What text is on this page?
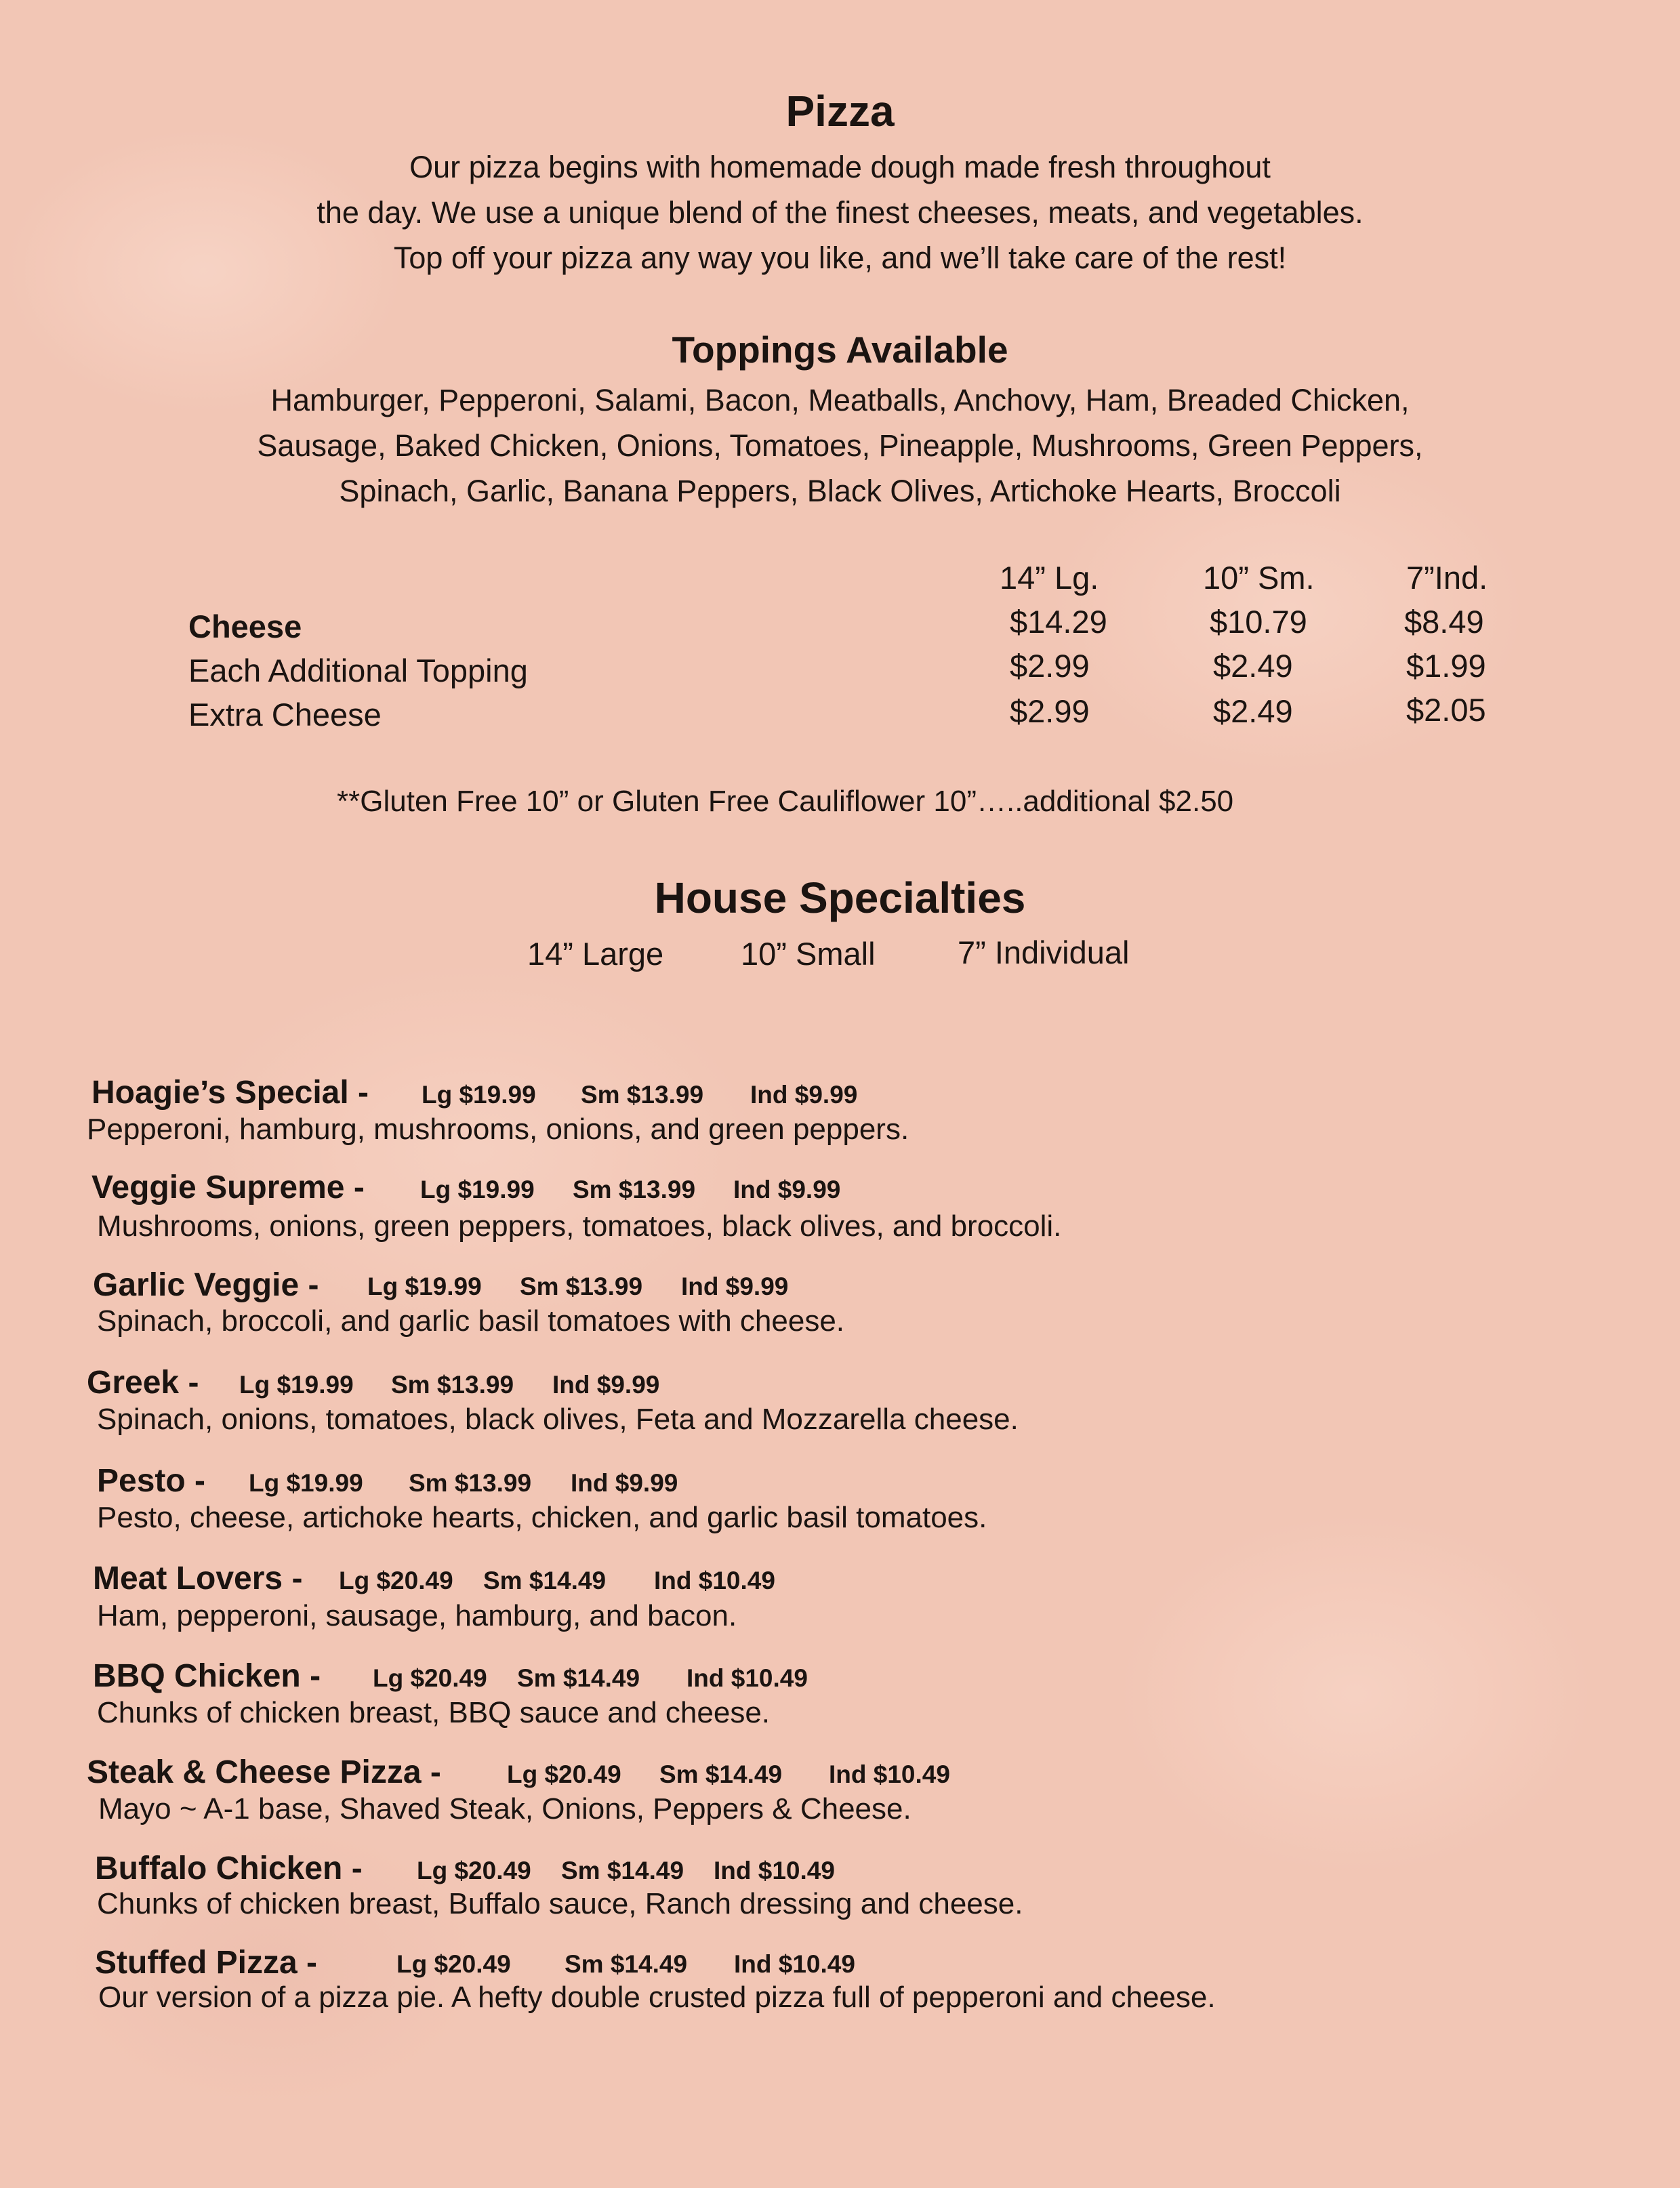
Pizza
Our pizza begins with homemade dough made fresh throughout
the day. We use a unique blend of the finest cheeses, meats, and vegetables.
Top off your pizza any way you like, and we’ll take care of the rest!
Toppings Available
Hamburger, Pepperoni, Salami, Bacon, Meatballs, Anchovy, Ham, Breaded Chicken,
Sausage, Baked Chicken, Onions, Tomatoes, Pineapple, Mushrooms, Green Peppers,
Spinach, Garlic, Banana Peppers, Black Olives, Artichoke Hearts, Broccoli
14” Lg.	10” Sm.	7”Ind.
Cheese	$14.29	$10.79	$8.49
Each Additional Topping	$2.99	$2.49	$1.99
Extra Cheese	$2.99	$2.49	$2.05
**Gluten Free 10” or Gluten Free Cauliflower 10”…..additional $2.50
House Specialties
14” Large 10” Small	7” Individual
Hoagie’s Special - Lg $19.99 Sm $13.99 Ind $9.99
Pepperoni, hamburg, mushrooms, onions, and green peppers.
Veggie Supreme - Lg $19.99 Sm $13.99 Ind $9.99
Mushrooms, onions, green peppers, tomatoes, black olives, and broccoli.
Garlic Veggie - Lg $19.99 Sm $13.99 Ind $9.99
Spinach, broccoli, and garlic basil tomatoes with cheese.
Greek - Lg $19.99 Sm $13.99 Ind $9.99
Spinach, onions, tomatoes, black olives, Feta and Mozzarella cheese.
Pesto - Lg $19.99 Sm $13.99 Ind $9.99
Pesto, cheese, artichoke hearts, chicken, and garlic basil tomatoes.
Meat Lovers - Lg $20.49 Sm $14.49 Ind $10.49
Ham, pepperoni, sausage, hamburg, and bacon.
BBQ Chicken - Lg $20.49 Sm $14.49 Ind $10.49
Chunks of chicken breast, BBQ sauce and cheese.
Steak & Cheese Pizza -	Lg $20.49 Sm $14.49 Ind $10.49
Mayo ~ A-1 base, Shaved Steak, Onions, Peppers & Cheese.
Buffalo Chicken - Lg $20.49 Sm $14.49 Ind $10.49
Chunks of chicken breast, Buffalo sauce, Ranch dressing and cheese.
Stuffed Pizza -	Lg $20.49 Sm $14.49 Ind $10.49
Our version of a pizza pie. A hefty double crusted pizza full of pepperoni and cheese.
